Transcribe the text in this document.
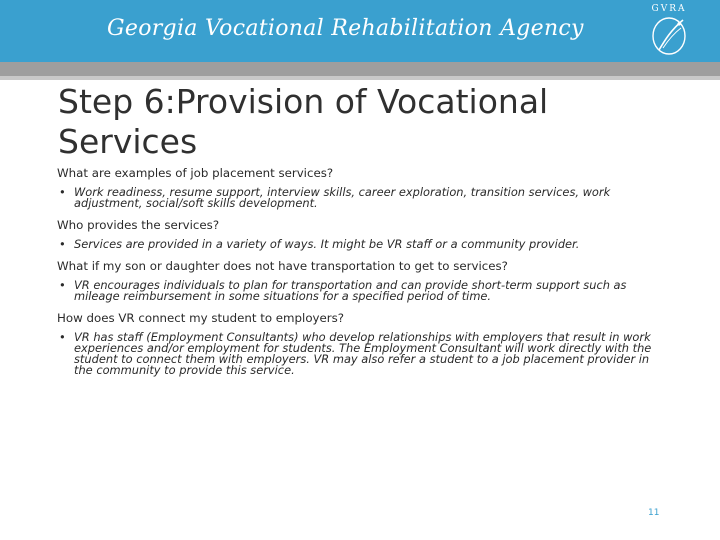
Georgia Vocational Rehabilitation Agency
GVRA
Step 6:Provision of Vocational Services

What are examples of job placement services?

• Work readiness, resume support, interview skills, career exploration, transition services, work adjustment, social/soft skills development.

Who provides the services?

• Services are provided in a variety of ways. It might be VR staff or a community provider.

What if my son or daughter does not have transportation to get to services?

• VR encourages individuals to plan for transportation and can provide short-term support such as mileage reimbursement in some situations for a specified period of time.

How does VR connect my student to employers?

• VR has staff (Employment Consultants) who develop relationships with employers that result in work experiences and/or employment for students. The Employment Consultant will work directly with the student to connect them with employers. VR may also refer a student to a job placement provider in the community to provide this service.
11
